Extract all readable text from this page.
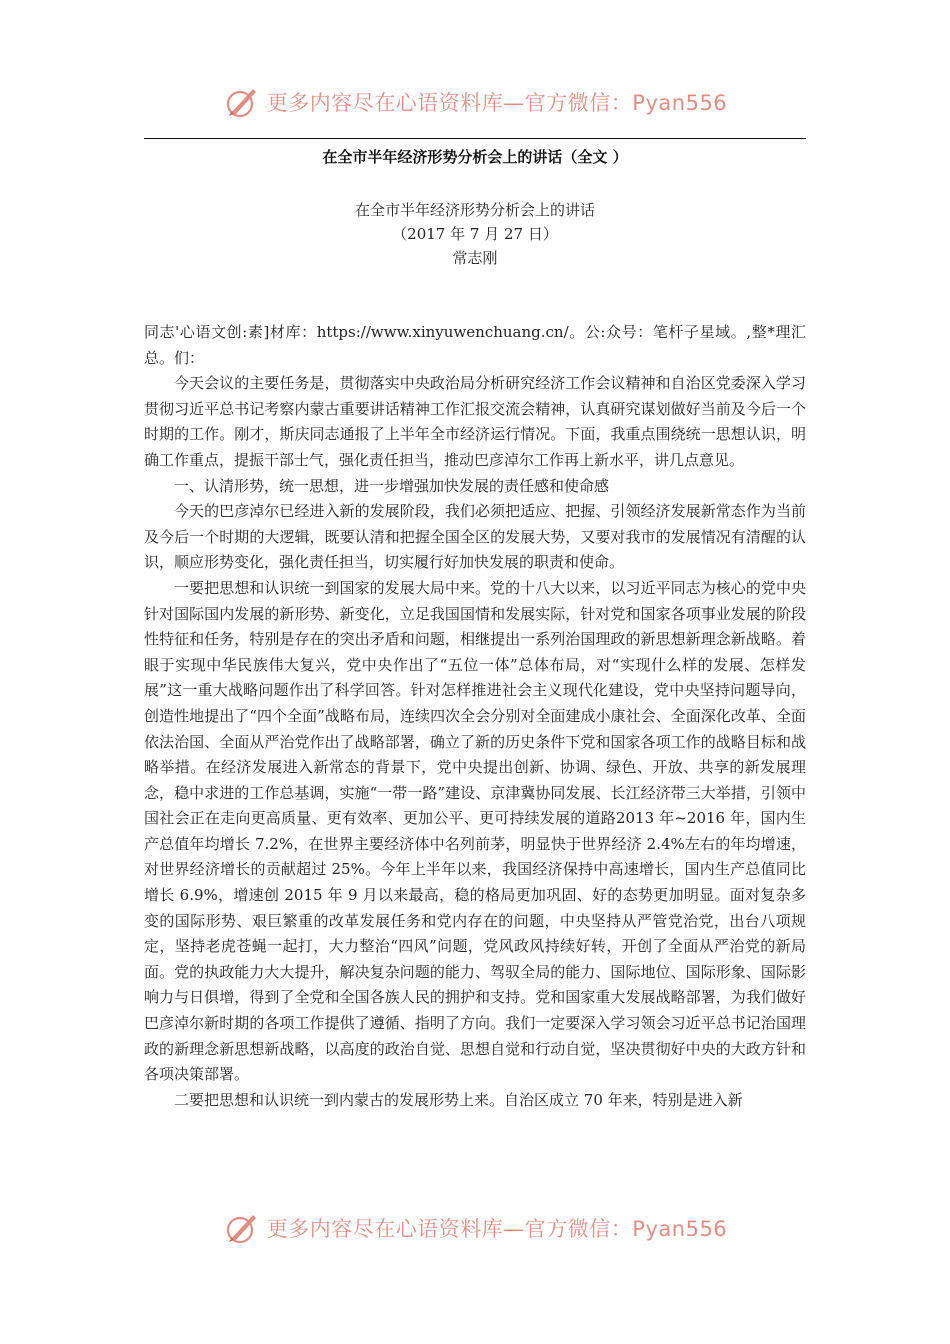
更多内容尽在心语资料库—官方微信：Pyan556
在全市半年经济形势分析会上的讲话（全文 ）
在全市半年经济形势分析会上的讲话
（2017 年 7 月 27 日）
常志刚

同志'心语文创:素]材库：https://www.xinyuwenchuang.cn/。公:众号：笔杆子星域。,整*理汇总。们：

今天会议的主要任务是，贯彻落实中央政治局分析研究经济工作会议精神和自治区党委深入学习贯彻习近平总书记考察内蒙古重要讲话精神工作汇报交流会精神，认真研究谋划做好当前及今后一个时期的工作。刚才，斯庆同志通报了上半年全市经济运行情况。下面，我重点围绕统一思想认识，明确工作重点，提振干部士气，强化责任担当，推动巴彦淖尔工作再上新水平，讲几点意见。

一、认清形势，统一思想，进一步增强加快发展的责任感和使命感

今天的巴彦淖尔已经进入新的发展阶段，我们必须把适应、把握、引领经济发展新常态作为当前及今后一个时期的大逻辑，既要认清和把握全国全区的发展大势，又要对我市的发展情况有清醒的认识，顺应形势变化，强化责任担当，切实履行好加快发展的职责和使命。

一要把思想和认识统一到国家的发展大局中来。党的十八大以来，以习近平同志为核心的党中央针对国际国内发展的新形势、新变化，立足我国国情和发展实际，针对党和国家各项事业发展的阶段性特征和任务，特别是存在的突出矛盾和问题，相继提出一系列治国理政的新思想新理念新战略。着眼于实现中华民族伟大复兴，党中央作出了“五位一体”总体布局，对“实现什么样的发展、怎样发展”这一重大战略问题作出了科学回答。针对怎样推进社会主义现代化建设，党中央坚持问题导向，创造性地提出了“四个全面”战略布局，连续四次全会分别对全面建成小康社会、全面深化改革、全面依法治国、全面从严治党作出了战略部署，确立了新的历史条件下党和国家各项工作的战略目标和战略举措。在经济发展进入新常态的背景下，党中央提出创新、协调、绿色、开放、共享的新发展理念，稳中求进的工作总基调，实施“一带一路”建设、京津冀协同发展、长江经济带三大举措，引领中国社会正在走向更高质量、更有效率、更加公平、更可持续发展的道路2013 年~2016 年，国内生产总值年均增长 7.2%，在世界主要经济体中名列前茅，明显快于世界经济 2.4%左右的年均增速，对世界经济增长的贡献超过 25%。今年上半年以来，我国经济保持中高速增长，国内生产总值同比增长 6.9%，增速创 2015 年 9 月以来最高，稳的格局更加巩固、好的态势更加明显。面对复杂多变的国际形势、艰巨繁重的改革发展任务和党内存在的问题，中央坚持从严管党治党，出台八项规定，坚持老虎苍蝇一起打，大力整治“四风”问题，党风政风持续好转，开创了全面从严治党的新局面。党的执政能力大大提升，解决复杂问题的能力、驾驭全局的能力、国际地位、国际形象、国际影响力与日俱增，得到了全党和全国各族人民的拥护和支持。党和国家重大发展战略部署，为我们做好巴彦淖尔新时期的各项工作提供了遵循、指明了方向。我们一定要深入学习领会习近平总书记治国理政的新理念新思想新战略，以高度的政治自觉、思想自觉和行动自觉，坚决贯彻好中央的大政方针和各项决策部署。

二要把思想和认识统一到内蒙古的发展形势上来。自治区成立 70 年来，特别是进入新

更多内容尽在心语资料库—官方微信：Pyan556
